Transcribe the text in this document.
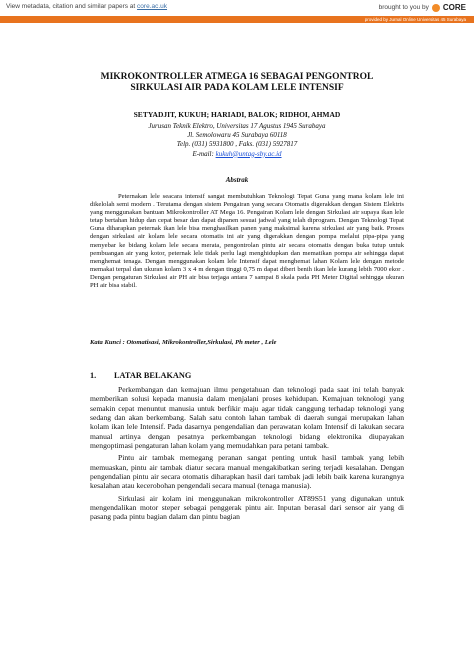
View metadata, citation and similar papers at core.ac.uk	brought to you by CORE
provided by Jurnal Online Universitas 45 Surabaya
MIKROKONTROLLER ATMEGA 16 SEBAGAI PENGONTROL
SIRKULASI AIR PADA KOLAM LELE INTENSIF
SETYADJIT, KUKUH; HARIADI, BALOK; RIDHOI, AHMAD
Jurusan Teknik Elektro, Universitas 17 Agustus 1945 Surabaya
Jl. Semolowaru 45 Surabaya 60118
Telp. (031) 5931800 , Faks. (031) 5927817
E-mail: kukuh@untag-sby.ac.id
Abstrak

Peternakan lele seacara intensif sangat membutuhkan Teknologi Tepat Guna yang mana kolam lele ini dikelolah semi modern . Terutama dengan sistem Pengairan yang secara Otomatis digerakkan dengan Sistem Elektris yang menggunakan bantuan Mikrokontroller AT Mega 16. Pengairan Kolam lele dengan Sirkulasi air supaya ikan lele tetap bertahan hidup dan cepat besar dan dapat dipanen sesuai jadwal yang telah diprogram. Dengan Teknologi Tepat Guna diharapkan peternak ikan lele bisa menghasilkan panen yang maksimal karena sirkulasi air yang baik. Proses dengan sirkulasi air kolam lele secara otomatis ini air yang digerakkan dengan pompa melalui pipa-pipa yang menyebar ke bidang kolam lele secara merata, pengontrolan pintu air secara otomatis dengan buka tutup untuk pembuangan air yang kotor, peternak lele tidak perlu lagi menghidupkan dan mematikan pompa air sehingga dapat menghemat tenaga. Dengan menggunakan kolam lele Intensif dapat menghemat lahan Kolam lele dengan metode memakai terpal dan ukuran kolam 3 x 4 m dengan tinggi 0,75 m dapat diberi benih ikan lele kurang lebih 7000 ekor . Dengan pengaturan Sirkulasi air PH air bisa terjaga antara 7 sampai 8 skala pada PH Meter Digital sehingga ukuran PH air bisa stabil.

Kata Kunci : Otomatisasi, Mikrokontroller,Sirkulasi, Ph meter , Lele

1. LATAR BELAKANG

Perkembangan dan kemajuan ilmu pengetahuan dan teknologi pada saat ini telah banyak memberikan solusi kepada manusia dalam menjalani proses kehidupan. Kemajuan teknologi yang semakin cepat menuntut manusia untuk berfikir maju agar tidak canggung terhadap teknologi yang sedang dan akan berkembang. Salah satu contoh lahan tambak di daerah sungai merupakan lahan kolam ikan lele Intensif. Pada dasarnya pengendalian dan perawatan kolam Intensif di lakukan secara manual artinya dengan pesatnya perkembangan teknologi bidang elektronika diupayakan mengoptimasi pengaturan lahan kolam yang memudahkan para petani tambak.

Pintu air tambak memegang peranan sangat penting untuk hasil tambak yang lebih memuaskan, pintu air tambak diatur secara manual mengakibatkan sering terjadi kesalahan. Dengan pengendalian pintu air secara otomatis diharapkan hasil dari tambak jadi lebih baik karena kurangnya kesalahan atau kecerobohan pengendali secara manual (tenaga manusia).

Sirkulasi air kolam ini menggunakan mikrokontroller AT89S51 yang digunakan untuk mengendalikan motor steper sebagai penggerak pintu air. Inputan berasal dari sensor air yang di pasang pada pintu bagian dalam dan pintu bagian
